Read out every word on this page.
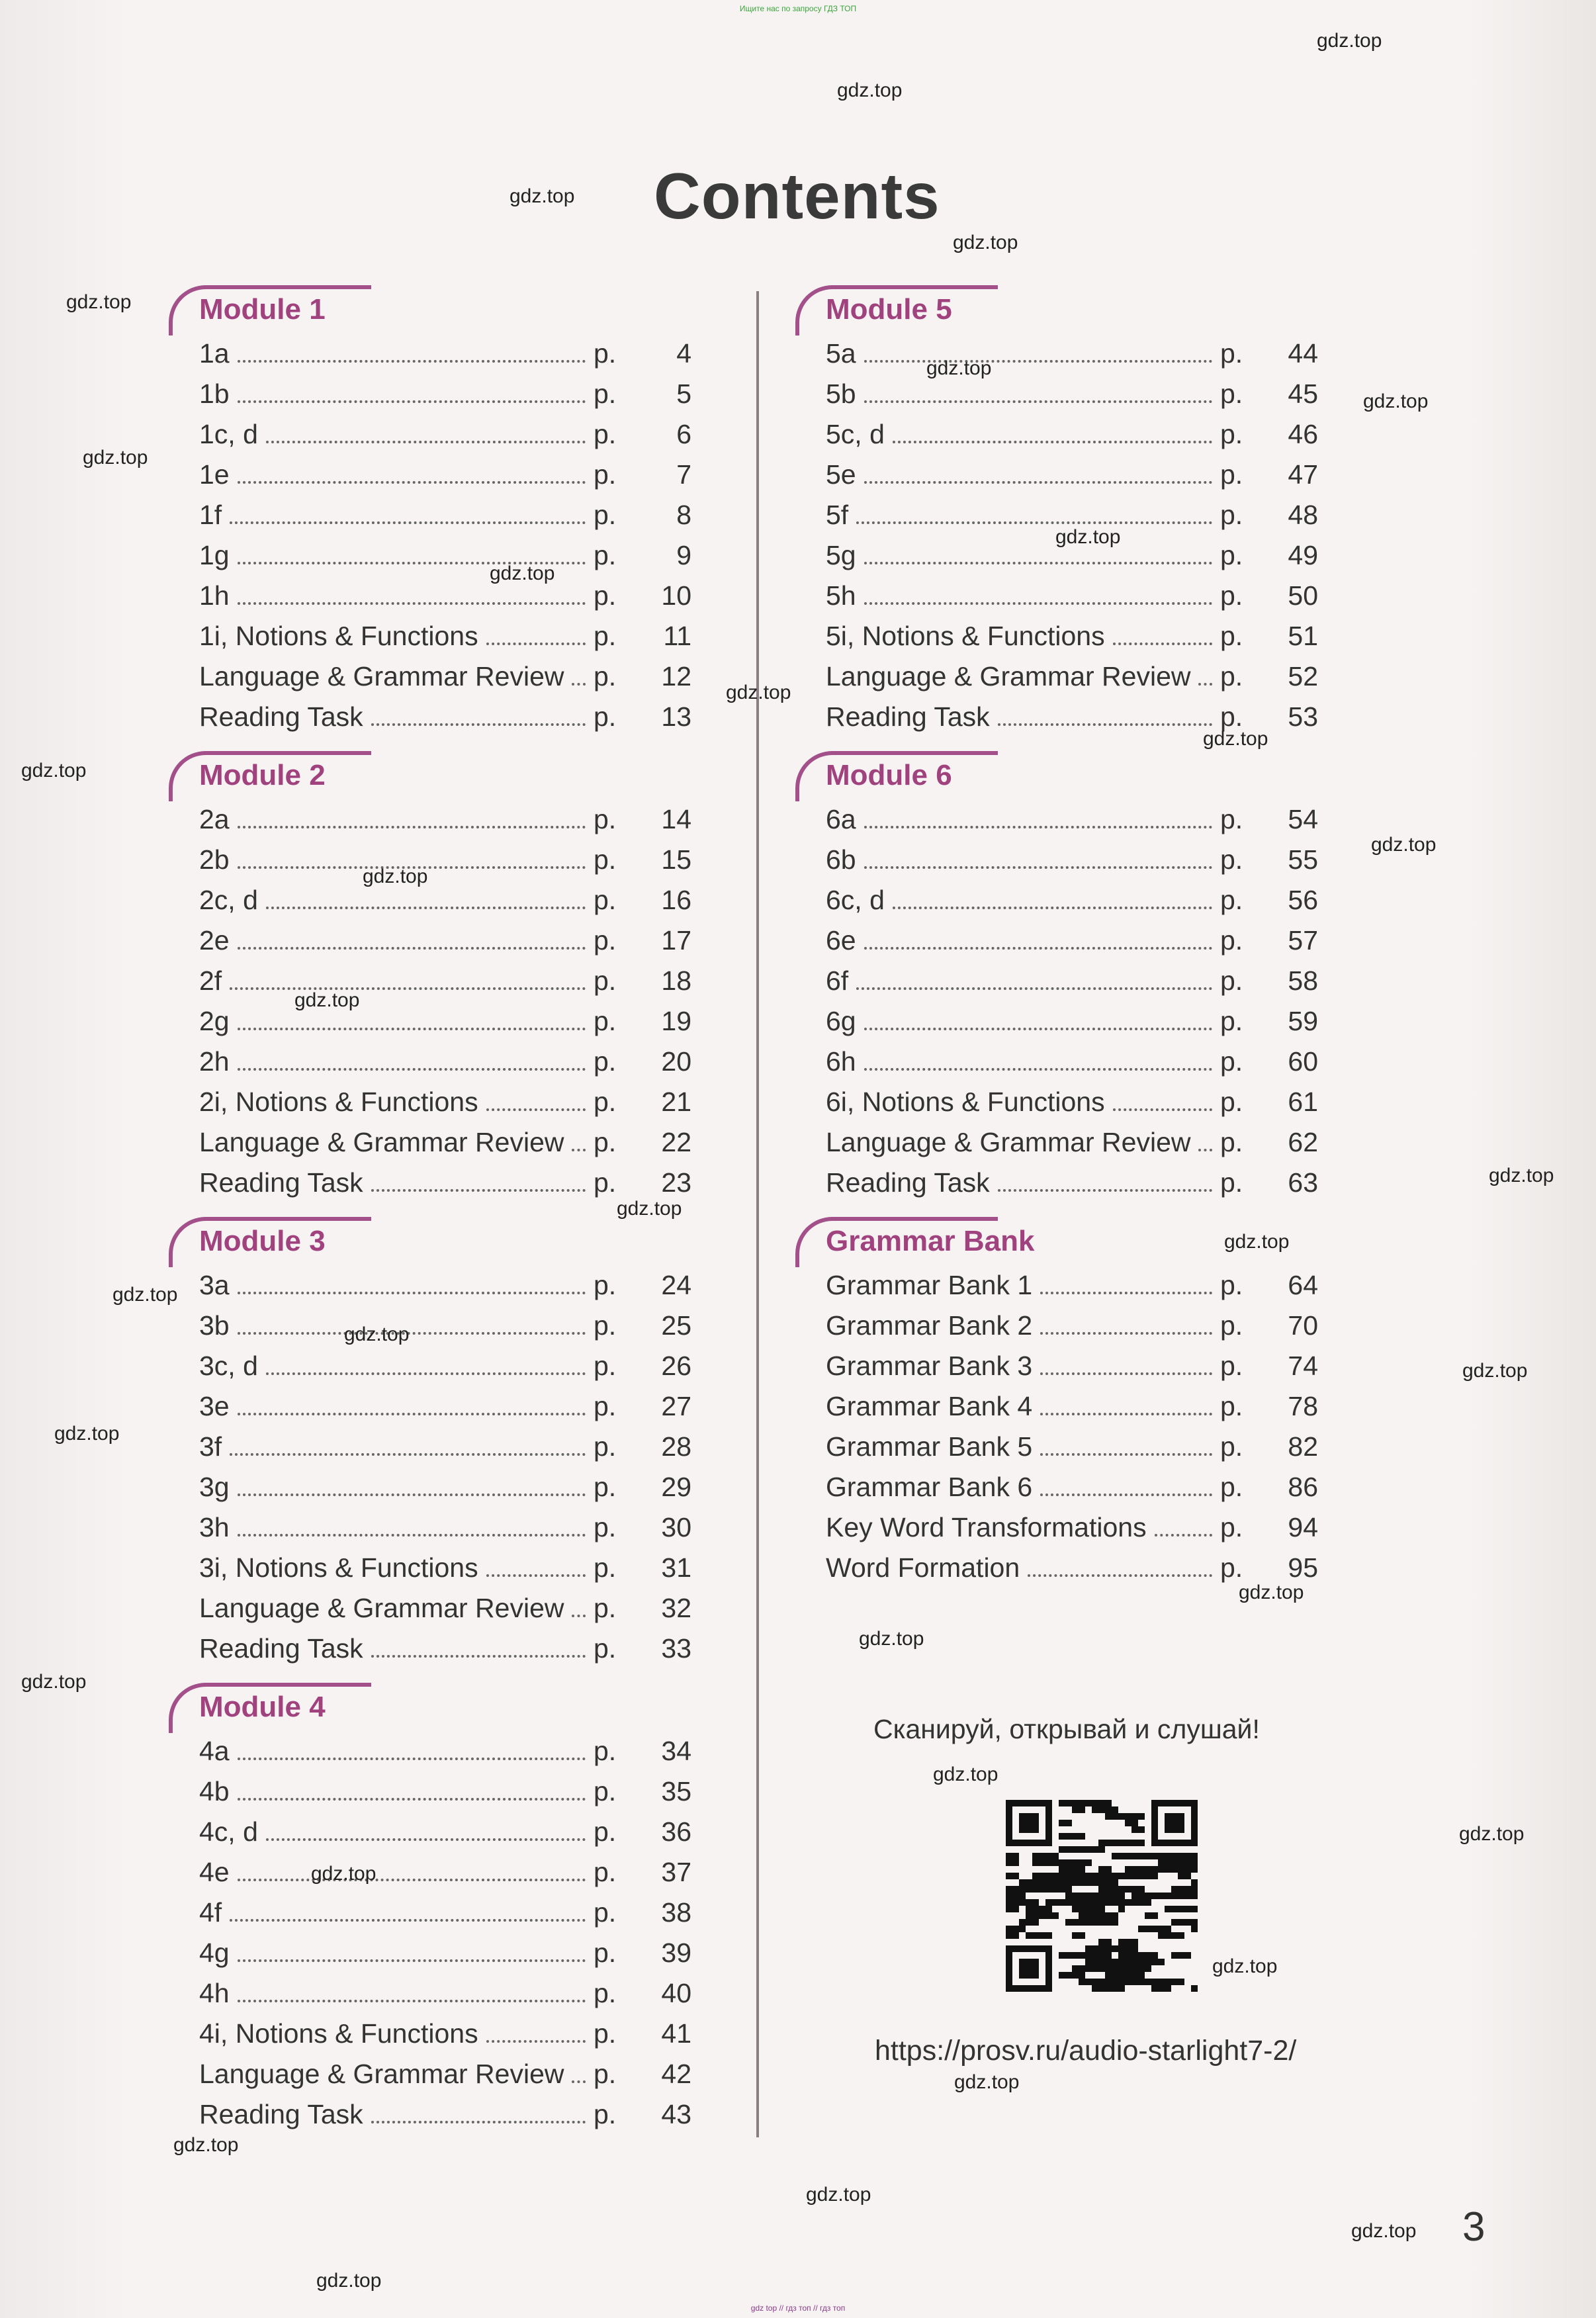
Ищите нас по запросу ГДЗ ТОП
Contents
Module 1
1a	p.	4
1b	p.	5
1c, d	p.	6
1e	p.	7
1f	p.	8
1g	p.	9
1h	p.	10
1i, Notions & Functions	p.	11
Language & Grammar Review p.	12
Reading Task	p.	13
Module 2
2a	p.	14
2b	p.	15
2c, d	p.	16
2e	p.	17
2f	p.	18
2g	p.	19
2h	p.	20
2i, Notions & Functions	p.	21
Language & Grammar Review p.	22
Reading Task	p.	23
Module 3
3a	p.	24
3b	p.	25
3c, d	p.	26
3e	p.	27
3f	p.	28
3g	p.	29
3h	p.	30
3i, Notions & Functions	p.	31
Language & Grammar Review p.	32
Reading Task	p.	33
Module 4
4a	p.	34
4b	p.	35
4c, d	p.	36
4e	p.	37
4f	p.	38
4g	p.	39
4h	p.	40
4i, Notions & Functions	p.	41
Language & Grammar Review p.	42
Reading Task	p.	43
Module 5
5a	p.	44
5b	p.	45
5c, d	p.	46
5e	p.	47
5f	p.	48
5g	p.	49
5h	p.	50
5i, Notions & Functions	p.	51
Language & Grammar Review p.	52
Reading Task	p.	53
Module 6
6a	p.	54
6b	p.	55
6c, d	p.	56
6e	p.	57
6f	p.	58
6g	p.	59
6h	p.	60
6i, Notions & Functions	p.	61
Language & Grammar Review p.	62
Reading Task	p.	63
Grammar Bank
Grammar Bank 1	p.	64
Grammar Bank 2	p.	70
Grammar Bank 3	p.	74
Grammar Bank 4	p.	78
Grammar Bank 5	p.	82
Grammar Bank 6	p.	86
Key Word Transformations	p.	94
Word Formation	p.	95
Сканируй, открывай и слушай!
https://prosv.ru/audio-starlight7-2/
3
gdz.top
gdz.top
gdz.top
gdz.top
gdz.top
gdz.top
gdz.top
gdz.top
gdz.top
gdz.top
gdz.top
gdz.top
gdz.top
gdz.top
gdz.top
gdz.top
gdz.top
gdz.top
gdz.top
gdz.top
gdz.top
gdz.top
gdz.top
gdz.top
gdz.top
gdz.top
gdz.top
gdz.top
gdz.top
gdz.top
gdz.top
gdz.top
gdz.top
gdz.top
gdz.top
gdz top // гдз топ // гдз топ
